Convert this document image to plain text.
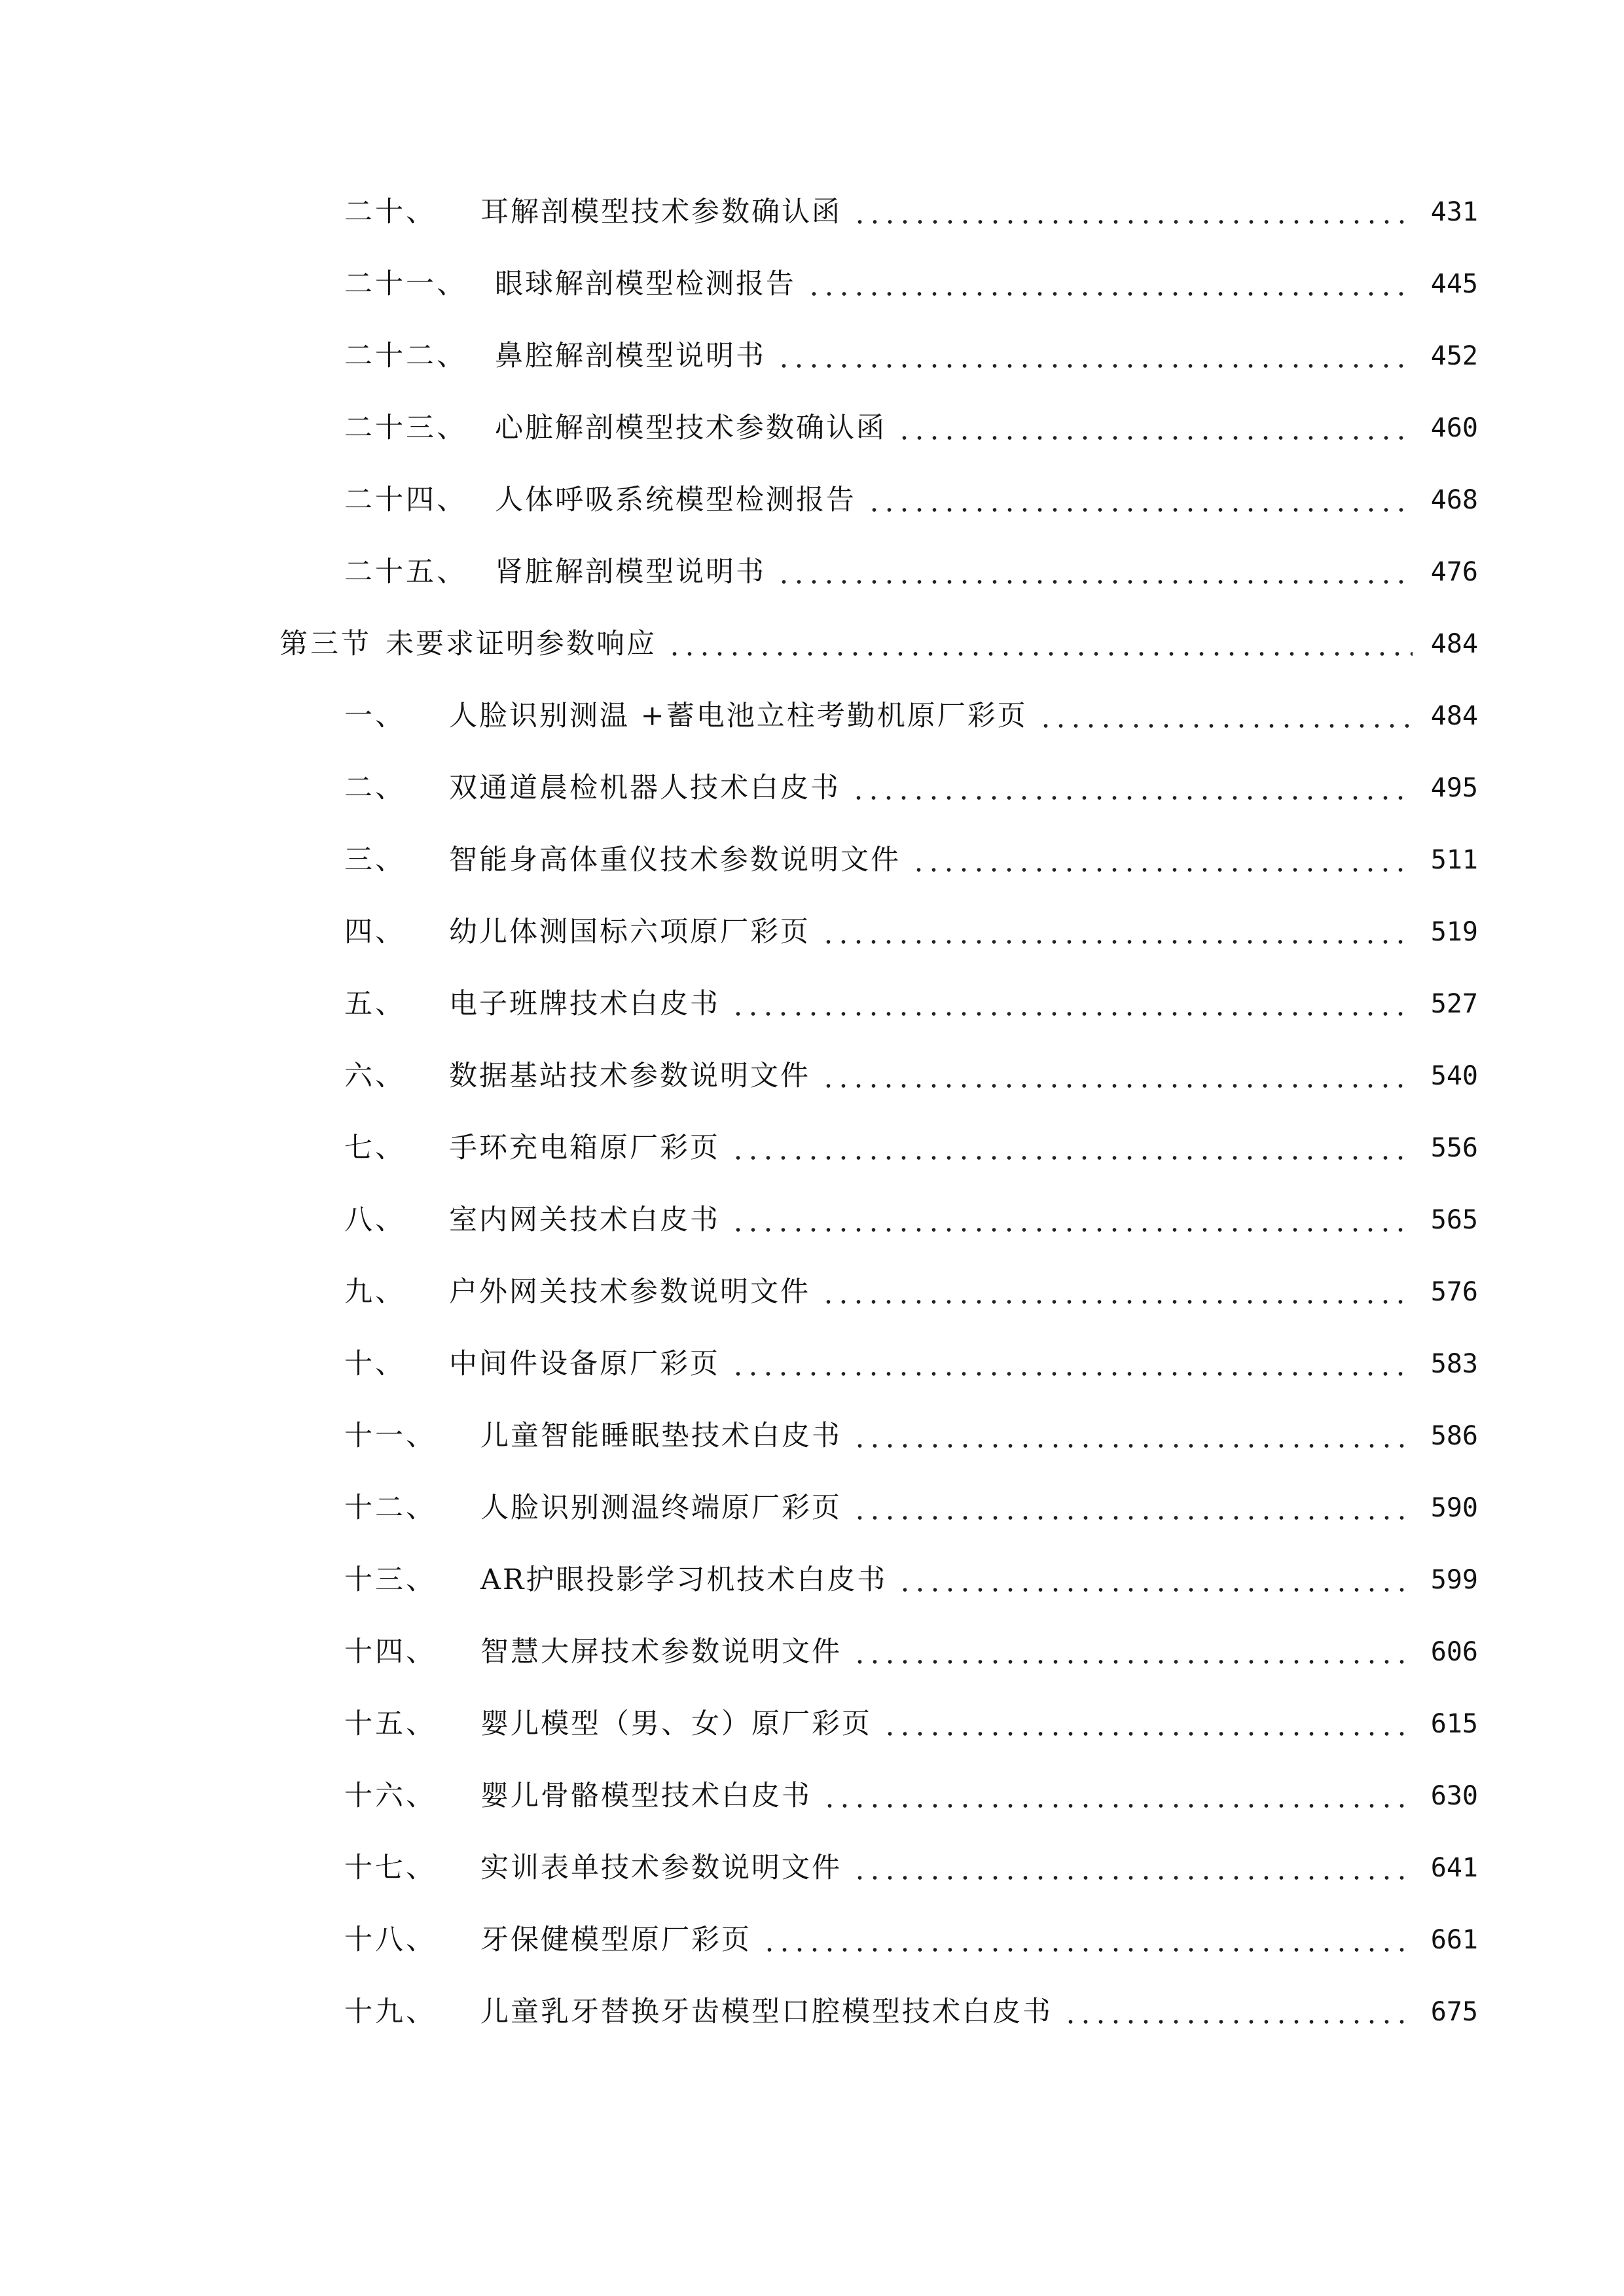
二十、	耳解剖模型技术参数确认函	431
二十一、 眼球解剖模型检测报告	445
二十二、 鼻腔解剖模型说明书	452
二十三、 心脏解剖模型技术参数确认函	460
二十四、 人体呼吸系统模型检测报告	468
二十五、 肾脏解剖模型说明书	476
第三节 未要求证明参数响应	484
一、	人脸识别测温 +蓄电池立柱考勤机原厂彩页	484
二、	双通道晨检机器人技术白皮书	495
三、	智能身高体重仪技术参数说明文件	511
四、	幼儿体测国标六项原厂彩页	519
五、	电子班牌技术白皮书	527
六、	数据基站技术参数说明文件	540
七、	手环充电箱原厂彩页	556
八、	室内网关技术白皮书	565
九、	户外网关技术参数说明文件	576
十、	中间件设备原厂彩页	583
十一、	儿童智能睡眠垫技术白皮书	586
十二、	人脸识别测温终端原厂彩页	590
十三、	AR护眼投影学习机技术白皮书	599
十四、	智慧大屏技术参数说明文件	606
十五、	婴儿模型（男、女）原厂彩页	615
十六、	婴儿骨骼模型技术白皮书	630
十七、	实训表单技术参数说明文件	641
十八、	牙保健模型原厂彩页	661
十九、	儿童乳牙替换牙齿模型口腔模型技术白皮书	675
